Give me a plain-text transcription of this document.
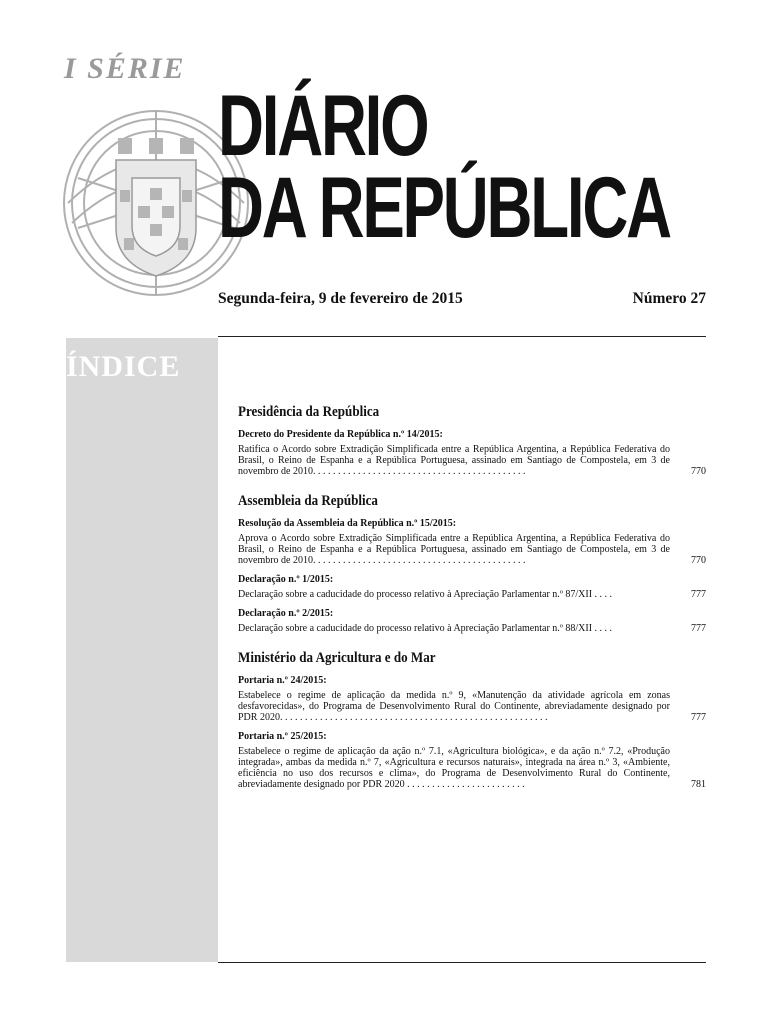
I SÉRIE
DIÁRIO
DA REPÚBLICA
Segunda-feira, 9 de fevereiro de 2015	Número 27
ÍNDICE
Presidência da República
Decreto do Presidente da República n.º 14/2015:
Ratifica o Acordo sobre Extradição Simplificada entre a República Argentina, a República Federativa do Brasil, o Reino de Espanha e a República Portuguesa, assinado em Santiago de Compostela, em 3 de novembro de 2010. . . . . . . . . . . . . . . . . . . . . . . . . . . . . . . . . . . . . . . . . . .	770
Assembleia da República
Resolução da Assembleia da República n.º 15/2015:
Aprova o Acordo sobre Extradição Simplificada entre a República Argentina, a República Federativa do Brasil, o Reino de Espanha e a República Portuguesa, assinado em Santiago de Compostela, em 3 de novembro de 2010. . . . . . . . . . . . . . . . . . . . . . . . . . . . . . . . . . . . . . . . . . .	770
Declaração n.º 1/2015:
Declaração sobre a caducidade do processo relativo à Apreciação Parlamentar n.º 87/XII . . . .	777
Declaração n.º 2/2015:
Declaração sobre a caducidade do processo relativo à Apreciação Parlamentar n.º 88/XII . . . .	777
Ministério da Agricultura e do Mar
Portaria n.º 24/2015:
Estabelece o regime de aplicação da medida n.º 9, «Manutenção da atividade agrícola em zonas desfavorecidas», do Programa de Desenvolvimento Rural do Continente, abreviadamente designado por PDR 2020. . . . . . . . . . . . . . . . . . . . . . . . . . . . . . . . . . . . . . . . . . . . . . . . . . . . . .	777
Portaria n.º 25/2015:
Estabelece o regime de aplicação da ação n.º 7.1, «Agricultura biológica», e da ação n.º 7.2, «Produção integrada», ambas da medida n.º 7, «Agricultura e recursos naturais», integrada na área n.º 3, «Ambiente, eficiência no uso dos recursos e clima», do Programa de Desenvolvimento Rural do Continente, abreviadamente designado por PDR 2020 . . . . . . . . . . . . . . . . . . . . . . . .	781
